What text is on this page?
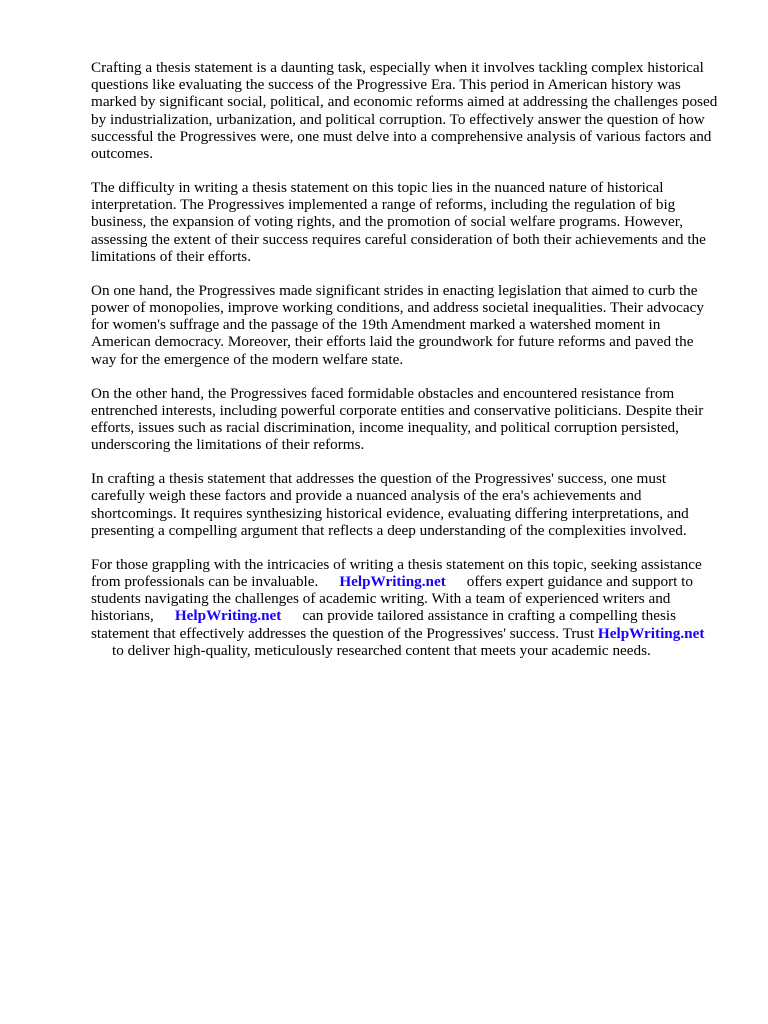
Crafting a thesis statement is a daunting task, especially when it involves tackling complex historical questions like evaluating the success of the Progressive Era. This period in American history was marked by significant social, political, and economic reforms aimed at addressing the challenges posed by industrialization, urbanization, and political corruption. To effectively answer the question of how successful the Progressives were, one must delve into a comprehensive analysis of various factors and outcomes.

The difficulty in writing a thesis statement on this topic lies in the nuanced nature of historical interpretation. The Progressives implemented a range of reforms, including the regulation of big business, the expansion of voting rights, and the promotion of social welfare programs. However, assessing the extent of their success requires careful consideration of both their achievements and the limitations of their efforts.

On one hand, the Progressives made significant strides in enacting legislation that aimed to curb the power of monopolies, improve working conditions, and address societal inequalities. Their advocacy for women's suffrage and the passage of the 19th Amendment marked a watershed moment in American democracy. Moreover, their efforts laid the groundwork for future reforms and paved the way for the emergence of the modern welfare state.

On the other hand, the Progressives faced formidable obstacles and encountered resistance from entrenched interests, including powerful corporate entities and conservative politicians. Despite their efforts, issues such as racial discrimination, income inequality, and political corruption persisted, underscoring the limitations of their reforms.

In crafting a thesis statement that addresses the question of the Progressives' success, one must carefully weigh these factors and provide a nuanced analysis of the era's achievements and shortcomings. It requires synthesizing historical evidence, evaluating differing interpretations, and presenting a compelling argument that reflects a deep understanding of the complexities involved.

For those grappling with the intricacies of writing a thesis statement on this topic, seeking assistance from professionals can be invaluable. HelpWriting.net offers expert guidance and support to students navigating the challenges of academic writing. With a team of experienced writers and historians, HelpWriting.net can provide tailored assistance in crafting a compelling thesis statement that effectively addresses the question of the Progressives' success. Trust HelpWriting.netto deliver high-quality, meticulously researched content that meets your academic needs.
